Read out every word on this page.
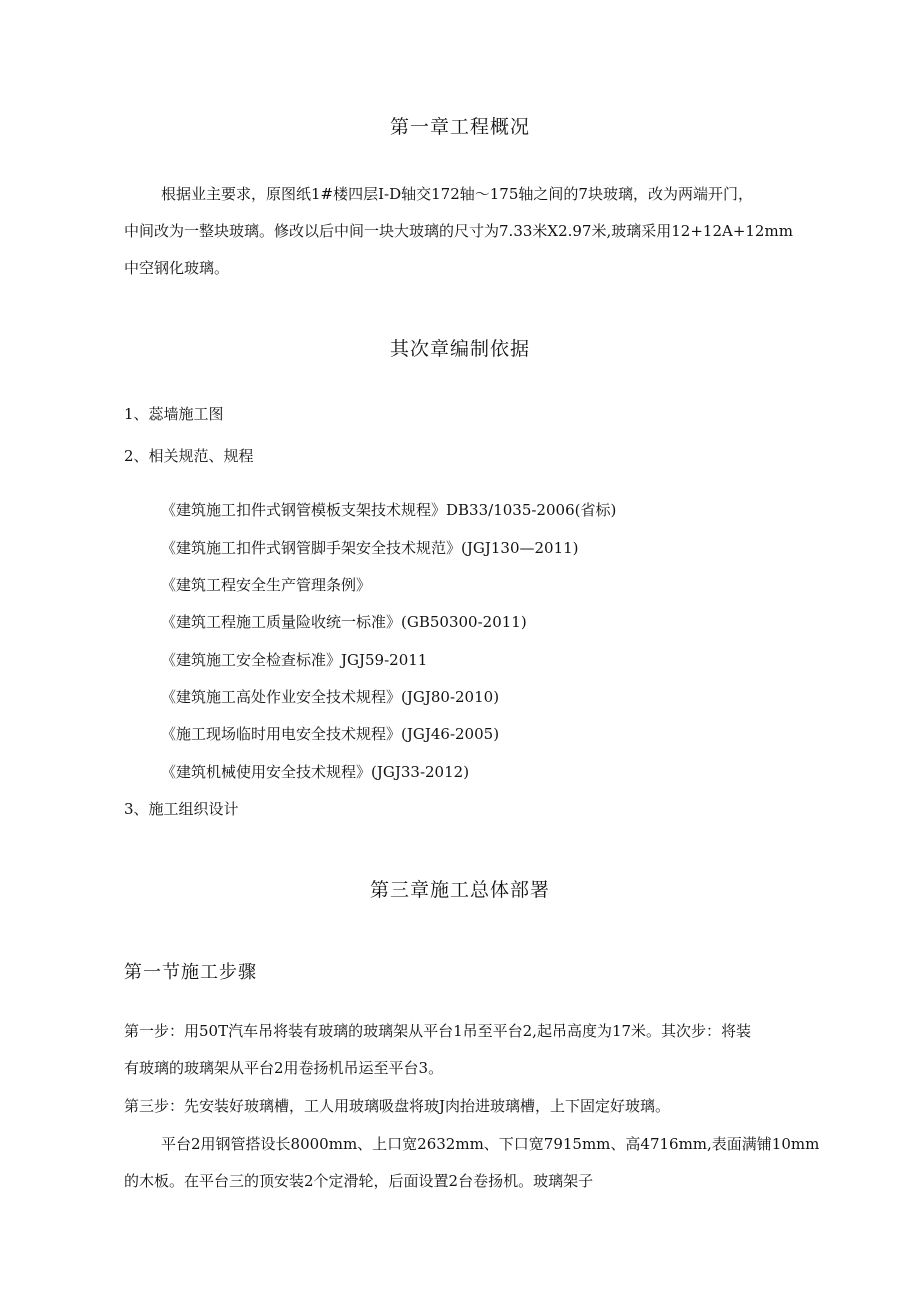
第一章工程概况
根据业主要求，原图纸1#楼四层I-D轴交172轴～175轴之间的7块玻璃，改为两端开门，
中间改为一整块玻璃。修改以后中间一块大玻璃的尺寸为7.33米X2.97米,玻璃采用12+12A+12mm
中空钢化玻璃。
其次章编制依据
1、蕊墙施工图
2、相关规范、规程
《建筑施工扣件式钢管模板支架技术规程》DB33/1035-2006(省标)
《建筑施工扣件式钢管脚手架安全技术规范》(JGJ130—2011)
《建筑工程安全生产管理条例》
《建筑工程施工质量险收统一标准》(GB50300-2011)
《建筑施工安全检查标准》JGJ59-2011
《建筑施工高处作业安全技术规程》(JGJ80-2010)
《施工现场临时用电安全技术规程》(JGJ46-2005)
《建筑机械使用安全技术规程》(JGJ33-2012)
3、施工组织设计
第三章施工总体部署
第一节施工步骤
第一步：用50T汽车吊将装有玻璃的玻璃架从平台1吊至平台2,起吊高度为17米。其次步：将装
有玻璃的玻璃架从平台2用卷扬机吊运至平台3。
第三步：先安装好玻璃槽，工人用玻璃吸盘将玻J肉抬进玻璃槽，上下固定好玻璃。
平台2用钢管搭设长8000mm、上口宽2632mm、下口宽7915mm、高4716mm,表面满铺10mm
的木板。在平台三的顶安装2个定滑轮，后面设置2台卷扬机。玻璃架子
